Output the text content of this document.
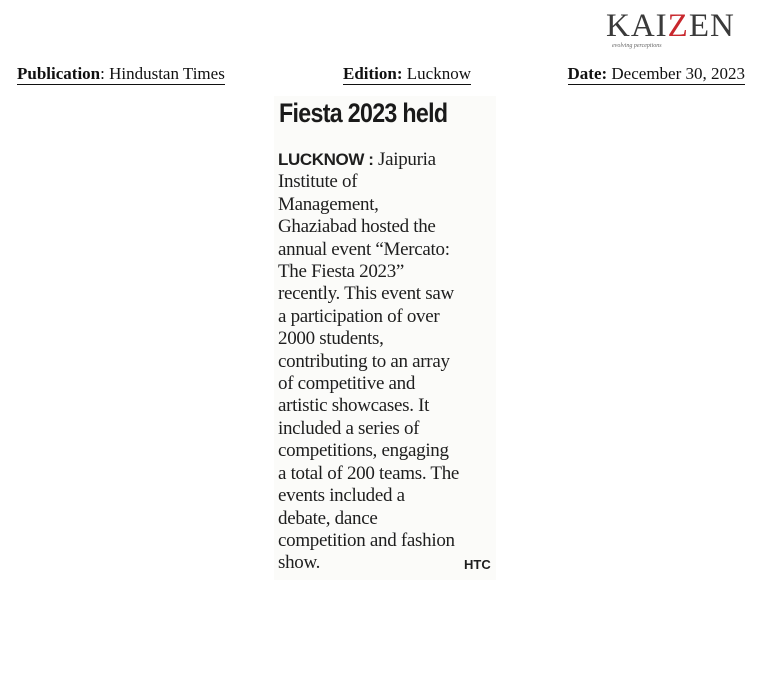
KAIZEN
evolving perceptions
Publication: Hindustan Times	Edition: Lucknow	Date: December 30, 2023
Fiesta 2023 held
LUCKNOW : Jaipuria
Institute of
Management,
Ghaziabad hosted the
annual event “Mercato:
The Fiesta 2023”
recently. This event saw
a participation of over
2000 students,
contributing to an array
of competitive and
artistic showcases. It
included a series of
competitions, engaging
a total of 200 teams. The
events included a
debate, dance
competition and fashion
show.	HTC
